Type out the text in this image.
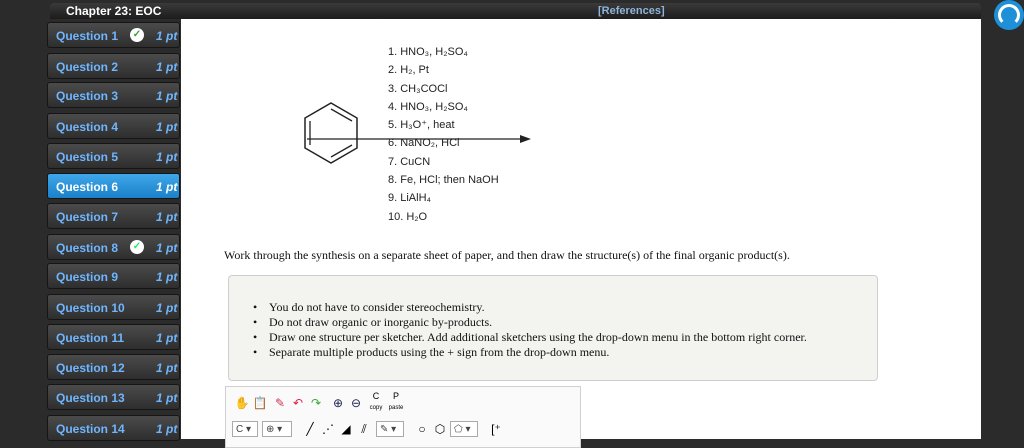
Chapter 23: EOC	[References]
Question 1 ✓ 1 pt
Question 2	1 pt
Question 3	1 pt
Question 4	1 pt
Question 5	1 pt
Question 6	1 pt
Question 7	1 pt
Question 8 ✓ 1 pt
Question 9	1 pt
Question 10	1 pt
Question 11	1 pt
Question 12	1 pt
Question 13	1 pt
Question 14	1 pt
1. HNO₃, H₂SO₄
2. H₂, Pt
3. CH₃COCl
4. HNO₃, H₂SO₄
5. H₃O⁺, heat
6. NaNO₂, HCl
7. CuCN
8. Fe, HCl; then NaOH
9. LiAlH₄
10. H₂O
Work through the synthesis on a separate sheet of paper, and then draw the structure(s) of the final organic product(s).
• You do not have to consider stereochemistry.
• Do not draw organic or inorganic by-products.
• Draw one structure per sketcher. Add additional sketchers using the drop-down menu in the bottom right corner.
• Separate multiple products using the + sign from the drop-down menu.
✋ 📋 ✎ ↶ ↷ ⊕ ⊖	C
copy
P
paste
C ▾	⊕ ▾	╱ ⋰ ◢ ⫽	✎ ▾	○ ⬡ ⬠ ▾	[⁺
